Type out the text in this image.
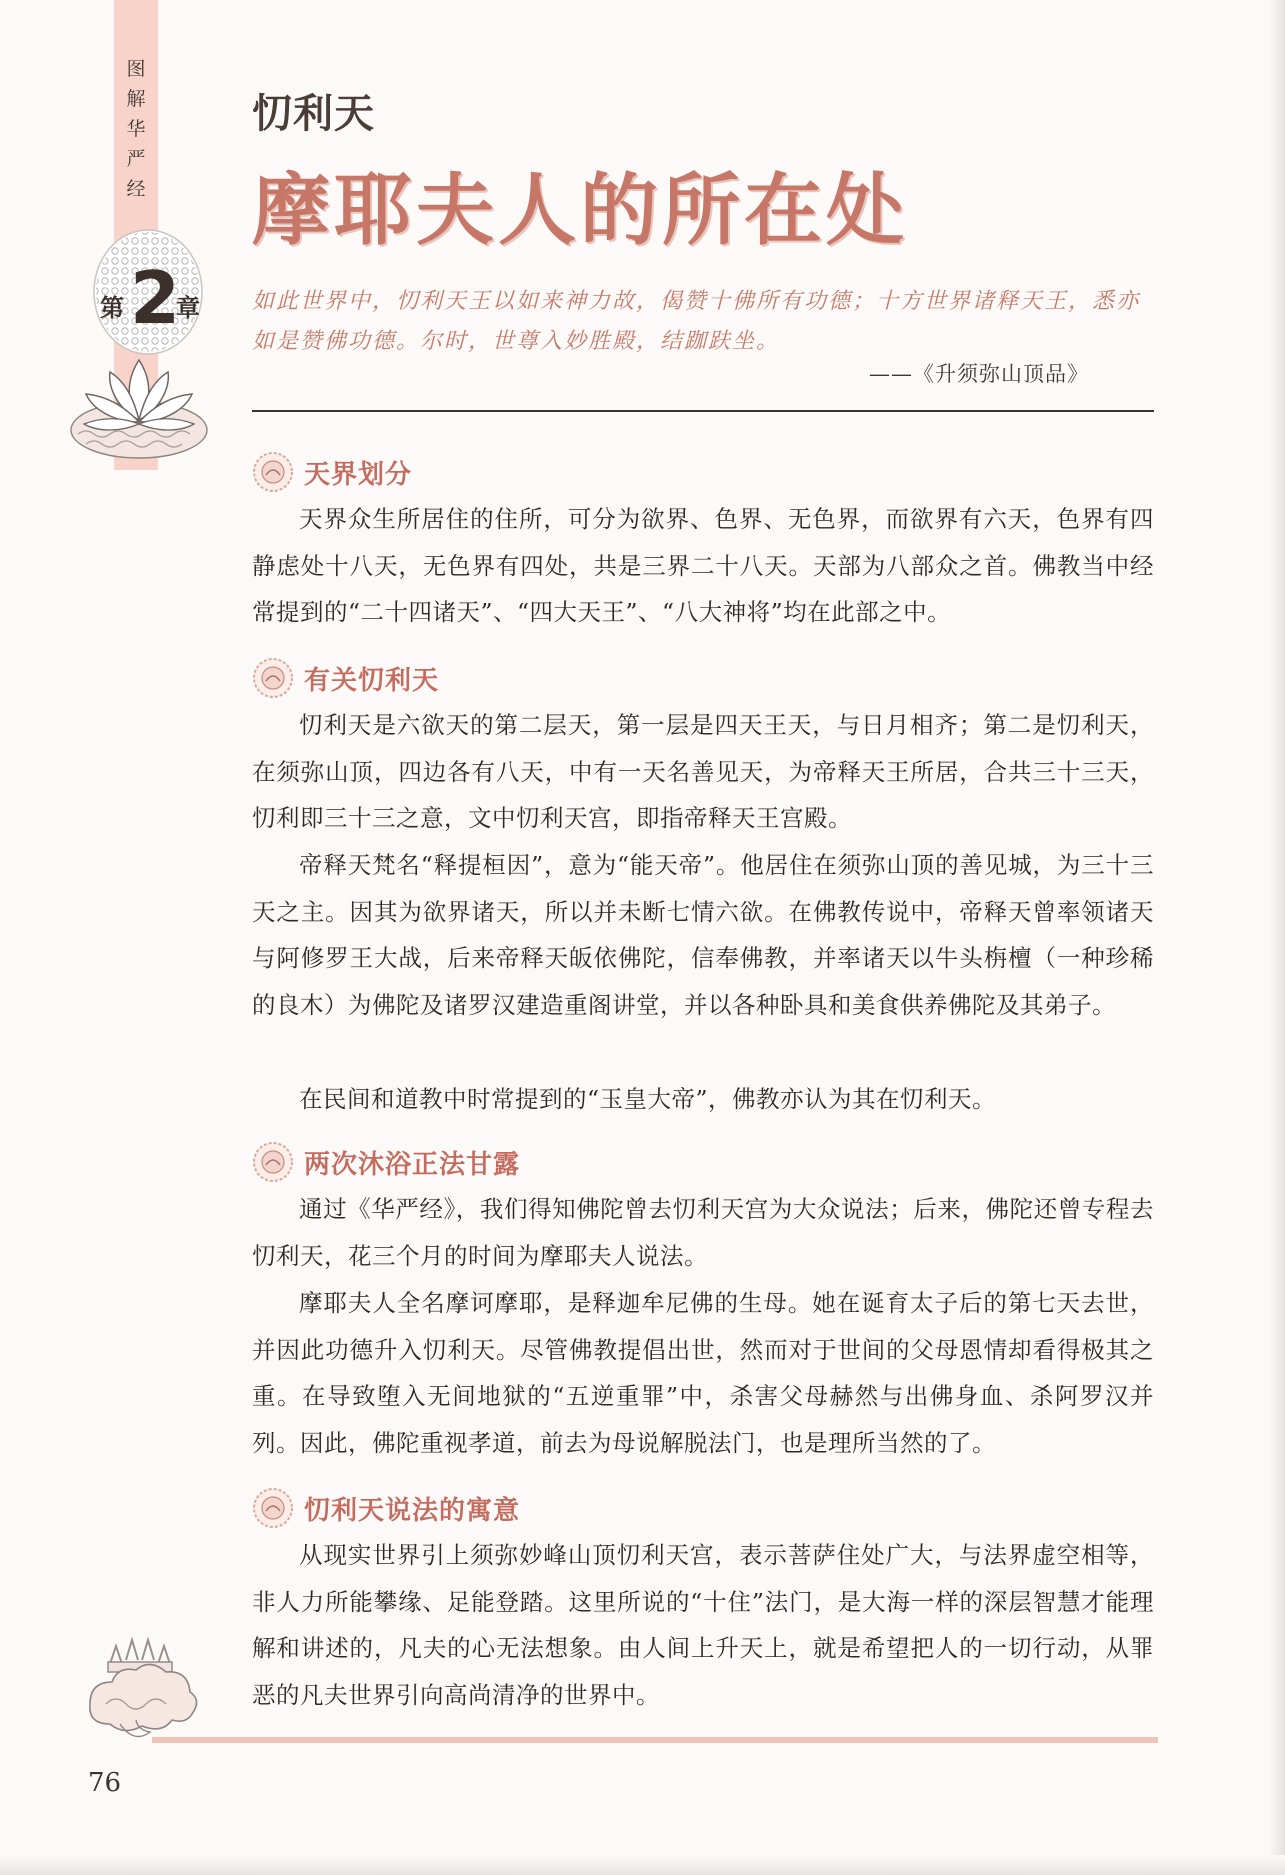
图
解
华
严
经
第 2
章
忉利天
摩耶夫人的所在处
如此世界中，忉利天王以如来神力故，偈赞十佛所有功德；十方世界诸释天王，悉亦如是赞佛功德。尔时，世尊入妙胜殿，结跏趺坐。
——《升须弥山顶品》
天界划分

天界众生所居住的住所，可分为欲界、色界、无色界，而欲界有六天，色界有四静虑处十八天，无色界有四处，共是三界二十八天。天部为八部众之首。佛教当中经常提到的“二十四诸天”、“四大天王”、“八大神将”均在此部之中。

有关忉利天

忉利天是六欲天的第二层天，第一层是四天王天，与日月相齐；第二是忉利天，在须弥山顶，四边各有八天，中有一天名善见天，为帝释天王所居，合共三十三天，忉利即三十三之意，文中忉利天宫，即指帝释天王宫殿。

帝释天梵名“释提桓因”，意为“能天帝”。他居住在须弥山顶的善见城，为三十三天之主。因其为欲界诸天，所以并未断七情六欲。在佛教传说中，帝释天曾率领诸天与阿修罗王大战，后来帝释天皈依佛陀，信奉佛教，并率诸天以牛头栴檀（一种珍稀的良木）为佛陀及诸罗汉建造重阁讲堂，并以各种卧具和美食供养佛陀及其弟子。

在民间和道教中时常提到的“玉皇大帝”，佛教亦认为其在忉利天。

两次沐浴正法甘露

通过《华严经》，我们得知佛陀曾去忉利天宫为大众说法；后来，佛陀还曾专程去忉利天，花三个月的时间为摩耶夫人说法。

摩耶夫人全名摩诃摩耶，是释迦牟尼佛的生母。她在诞育太子后的第七天去世，并因此功德升入忉利天。尽管佛教提倡出世，然而对于世间的父母恩情却看得极其之重。在导致堕入无间地狱的“五逆重罪”中，杀害父母赫然与出佛身血、杀阿罗汉并列。因此，佛陀重视孝道，前去为母说解脱法门，也是理所当然的了。

忉利天说法的寓意

从现实世界引上须弥妙峰山顶忉利天宫，表示菩萨住处广大，与法界虚空相等，非人力所能攀缘、足能登踏。这里所说的“十住”法门，是大海一样的深层智慧才能理解和讲述的，凡夫的心无法想象。由人间上升天上，就是希望把人的一切行动，从罪恶的凡夫世界引向高尚清净的世界中。

76
